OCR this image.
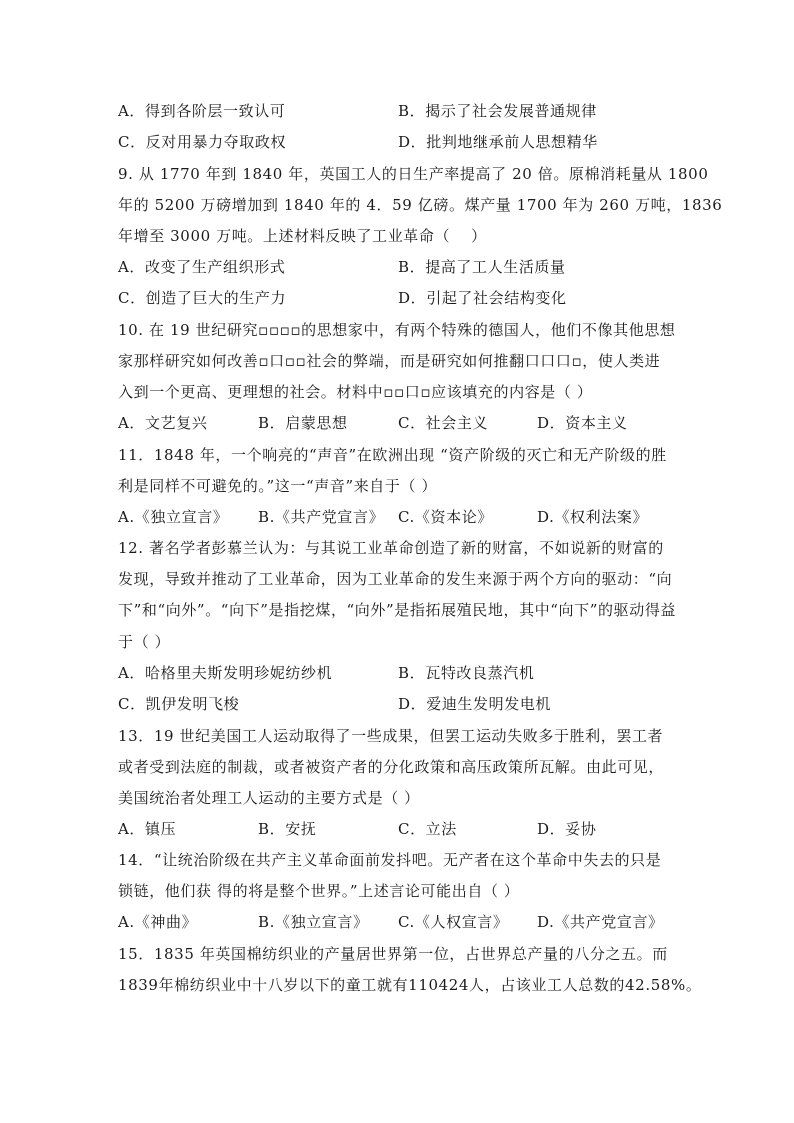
A．得到各阶层一致认可	B．揭示了社会发展普通规律
C．反对用暴力夺取政权	D．批判地继承前人思想精华
9. 从 1770 年到 1840 年，英国工人的日生产率提高了 20 倍。原棉消耗量从 1800
年的 5200 万磅增加到 1840 年的 4．59 亿磅。煤产量 1700 年为 260 万吨，1836
年增至 3000 万吨。上述材料反映了工业革命（　 ）
A．改变了生产组织形式	B．提高了工人生活质量
C．创造了巨大的生产力	D．引起了社会结构变化
10. 在 19 世纪研究▫▫▫▫的思想家中，有两个特殊的德国人，他们不像其他思想
家那样研究如何改善▫口▫▫社会的弊端，而是研究如何推翻口口口▫，使人类进
入到一个更高、更理想的社会。材料中▫▫口▫应该填充的内容是（ ）
A．文艺复兴	B．启蒙思想	C．社会主义	D．资本主义
11．1848 年，一个响亮的“声音”在欧洲出现 “资产阶级的灭亡和无产阶级的胜
利是同样不可避免的。”这一“声音”来自于（ ）
A.《独立宣言》 B.《共产党宣言》 C.《资本论》	D.《权利法案》
12. 著名学者彭慕兰认为：与其说工业革命创造了新的财富，不如说新的财富的
发现，导致并推动了工业革命，因为工业革命的发生来源于两个方向的驱动：“向
下”和“向外”。“向下”是指挖煤，“向外”是指拓展殖民地，其中“向下”的驱动得益
于（ ）
A．哈格里夫斯发明珍妮纺纱机	B．瓦特改良蒸汽机
C．凯伊发明飞梭	D．爱迪生发明发电机
13．19 世纪美国工人运动取得了一些成果，但罢工运动失败多于胜利，罢工者
或者受到法庭的制裁，或者被资产者的分化政策和高压政策所瓦解。由此可见，
美国统治者处理工人运动的主要方式是（ ）
A．镇压	B．安抚	C．立法	D．妥协
14．“让统治阶级在共产主义革命面前发抖吧。无产者在这个革命中失去的只是
锁链，他们获 得的将是整个世界。”上述言论可能出自（ ）
A.《神曲》	B.《独立宣言》 C.《人权宣言》 D.《共产党宣言》
15．1835 年英国棉纺织业的产量居世界第一位，占世界总产量的八分之五。而
1839年棉纺织业中十八岁以下的童工就有110424人，占该业工人总数的42.58%。
